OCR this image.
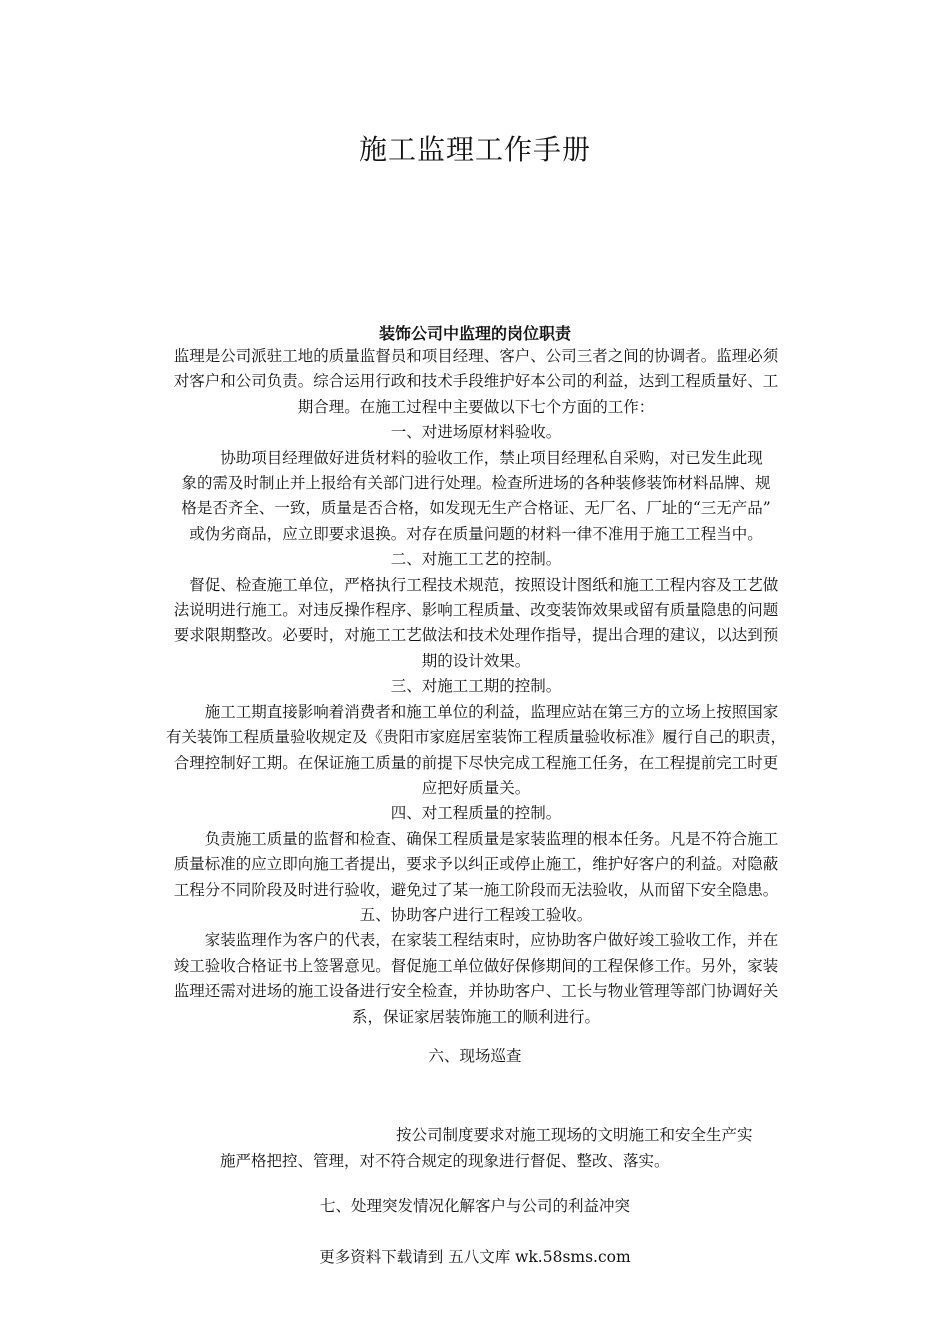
施工监理工作手册
装饰公司中监理的岗位职责
监理是公司派驻工地的质量监督员和项目经理、客户、公司三者之间的协调者。监理必须
对客户和公司负责。综合运用行政和技术手段维护好本公司的利益，达到工程质量好、工
期合理。在施工过程中主要做以下七个方面的工作：
一、对进场原材料验收。
　　协助项目经理做好进货材料的验收工作，禁止项目经理私自采购，对已发生此现
象的需及时制止并上报给有关部门进行处理。检查所进场的各种装修装饰材料品牌、规
格是否齐全、一致，质量是否合格，如发现无生产合格证、无厂名、厂址的“三无产品”
或伪劣商品，应立即要求退换。对存在质量问题的材料一律不准用于施工工程当中。
二、对施工工艺的控制。
　督促、检查施工单位，严格执行工程技术规范，按照设计图纸和施工工程内容及工艺做
法说明进行施工。对违反操作程序、影响工程质量、改变装饰效果或留有质量隐患的问题
要求限期整改。必要时，对施工工艺做法和技术处理作指导，提出合理的建议，以达到预
期的设计效果。
三、对施工工期的控制。
　　施工工期直接影响着消费者和施工单位的利益，监理应站在第三方的立场上按照国家
有关装饰工程质量验收规定及《贵阳市家庭居室装饰工程质量验收标准》履行自己的职责，
合理控制好工期。在保证施工质量的前提下尽快完成工程施工任务，在工程提前完工时更
应把好质量关。
四、对工程质量的控制。
　　负责施工质量的监督和检查、确保工程质量是家装监理的根本任务。凡是不符合施工
质量标准的应立即向施工者提出，要求予以纠正或停止施工，维护好客户的利益。对隐蔽
工程分不同阶段及时进行验收，避免过了某一施工阶段而无法验收，从而留下安全隐患。
五、协助客户进行工程竣工验收。
　　家装监理作为客户的代表，在家装工程结束时，应协助客户做好竣工验收工作，并在
竣工验收合格证书上签署意见。督促施工单位做好保修期间的工程保修工作。另外，家装
监理还需对进场的施工设备进行安全检查，并协助客户、工长与物业管理等部门协调好关
系，保证家居装饰施工的顺利进行。
六、现场巡查
按公司制度要求对施工现场的文明施工和安全生产实
施严格把控、管理，对不符合规定的现象进行督促、整改、落实。
七、处理突发情况化解客户与公司的利益冲突
更多资料下载请到 五八文库 wk.58sms.com
